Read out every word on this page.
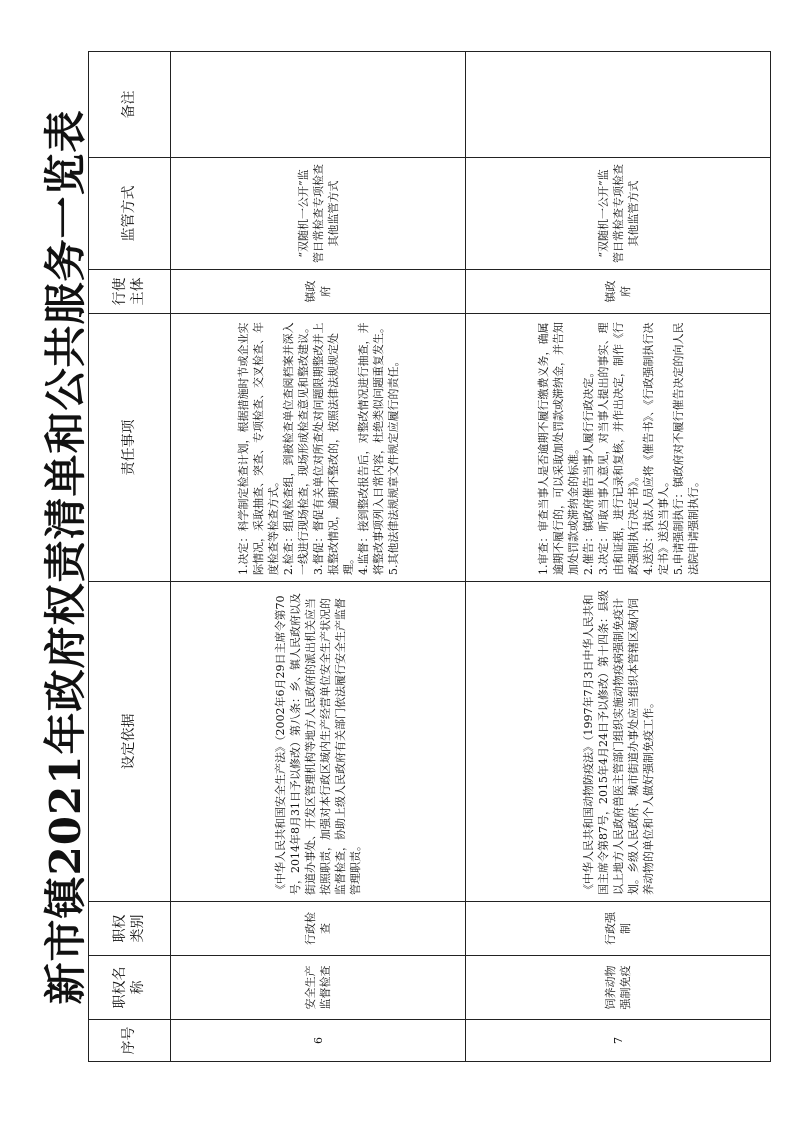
新市镇2021年政府权责清单和公共服务一览表
序号	职权名称	职权类别	设定依据	责任事项	行使主体	监管方式	备注
6	安全生产监督检查	行政检查	《中华人民共和国安全生产法》（2002年6月29日主席令第70号，2014年8月31日予以修改）第八条：乡、镇人民政府以及街道办事处、开发区管理机构等地方人民政府的派出机关应当按照职责，加强对本行政区域内生产经营单位安全生产状况的监督检查，协助上级人民政府有关部门依法履行安全生产监督管理职责。	1.决定：科学制定检查计划，根据措施时节或企业实际情况，采取抽查、突查、专项检查、交叉检查、年度检查等检查方式。 2.检查：组成检查组，到被检查单位查阅档案并深入一线进行现场检查，现场形成检查意见和整改建议。 3.督促：督促有关单位对所查处对问题限期整改并上报整改情况，逾期不整改的，按照法律法规规定处理。 4.监督：接到整改报告后，对整改情况进行抽查，并将整改事项列入日常内容，杜绝类似问题重复发生。 5.其他法律法规规章文件规定应履行的责任。	镇政府	“双随机一公开”监管日常检查专项检查其他监管方式	
7	饲养动物强制免疫	行政强制	《中华人民共和国动物防疫法》（1997年7月3日中华人民共和国主席令第87号，2015年4月24日予以修改）第十四条：县级以上地方人民政府兽医主管部门组织实施动物疫病强制免疫计划。乡级人民政府、城市街道办事处应当组织本管辖区域内饲养动物的单位和个人做好强制免疫工作。	1.审查：审查当事人是否逾期不履行缴费义务，确属逾期不履行的，可以采取加处罚款或滞纳金，并告知加处罚款或滞纳金的标准。 2.催告：镇政府催告当事人履行行政决定。 3.决定：听取当事人意见，对当事人提出的事实、理由和证据，进行记录和复核，并作出决定，制作《行政强制执行决定书》。 4.送达：执法人员应将《催告书》、《行政强制执行决定书》送达当事人。 5.申请强制执行：镇政府对不履行催告决定的向人民法院申请强制执行。	镇政府	“双随机一公开”监管日常检查专项检查其他监管方式	
